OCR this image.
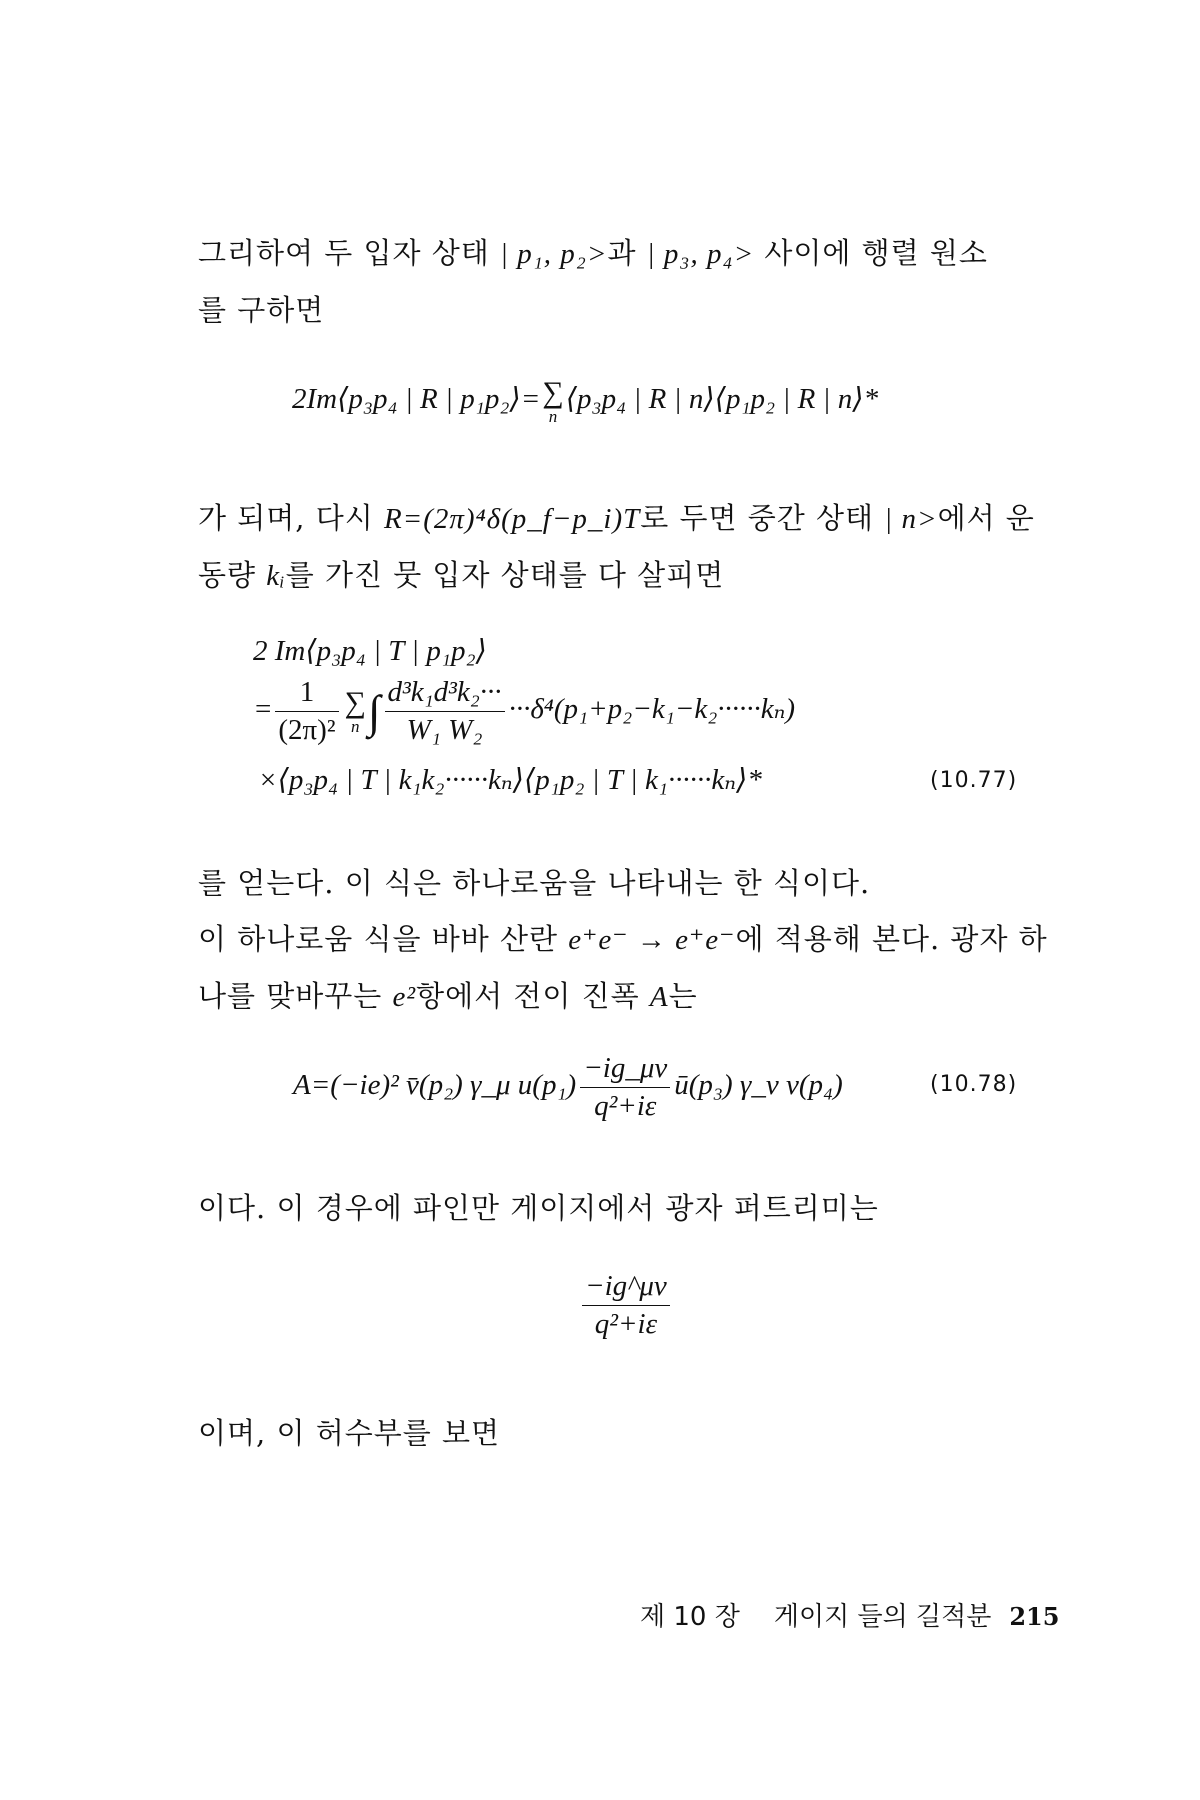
그리하여 두 입자 상태 | p₁, p₂>과 | p₃, p₄> 사이에 행렬 원소
를 구하면
2Im⟨p₃p₄ | R | p₁p₂⟩= ∑
n
⟨p₃p₄ | R | n⟩⟨p₁p₂ | R | n⟩*
가 되며, 다시 R=(2π)⁴δ(p_f−p_i)T로 두면 중간 상태 | n>에서 운
동량 kᵢ를 가진 뭇 입자 상태를 다 살피면
2 Im⟨p₃p₄ | T | p₁p₂⟩
= $\frac{1}{\text{(2π)²}}$ ∑
n ∫ $\frac{\text{d³k₁d³k₂···}}{\text{W₁ W₂}} \cdot\cdot\cdot\delta^4(p_1+p_2-k_1-k_2\cdot\cdot\cdot\cdot\cdot\cdot k_n)$
×⟨p₃p₄ | T | k₁k₂······kₙ⟩⟨p₁p₂ | T | k₁······kₙ⟩*	(10.77)
를 얻는다. 이 식은 하나로움을 나타내는 한 식이다.
이 하나로움 식을 바바 산란 e⁺e⁻ → e⁺e⁻에 적용해 본다. 광자 하
나를 맞바꾸는 e²항에서 전이 진폭 A는
A=(−ie)² v̄(p₂) γ_μ $u(p_1) \frac{-ig\_\mu\nu}{\text{q²+iε}}$ ū(p₃) γ_ν v(p₄)	(10.78)
이다. 이 경우에 파인만 게이지에서 광자 퍼트리미는
$\frac{-ig\^{}\mu\nu}{\text{q²+iε}}$
이며, 이 허수부를 보면
제 10 장 게이지 들의 길적분 215
